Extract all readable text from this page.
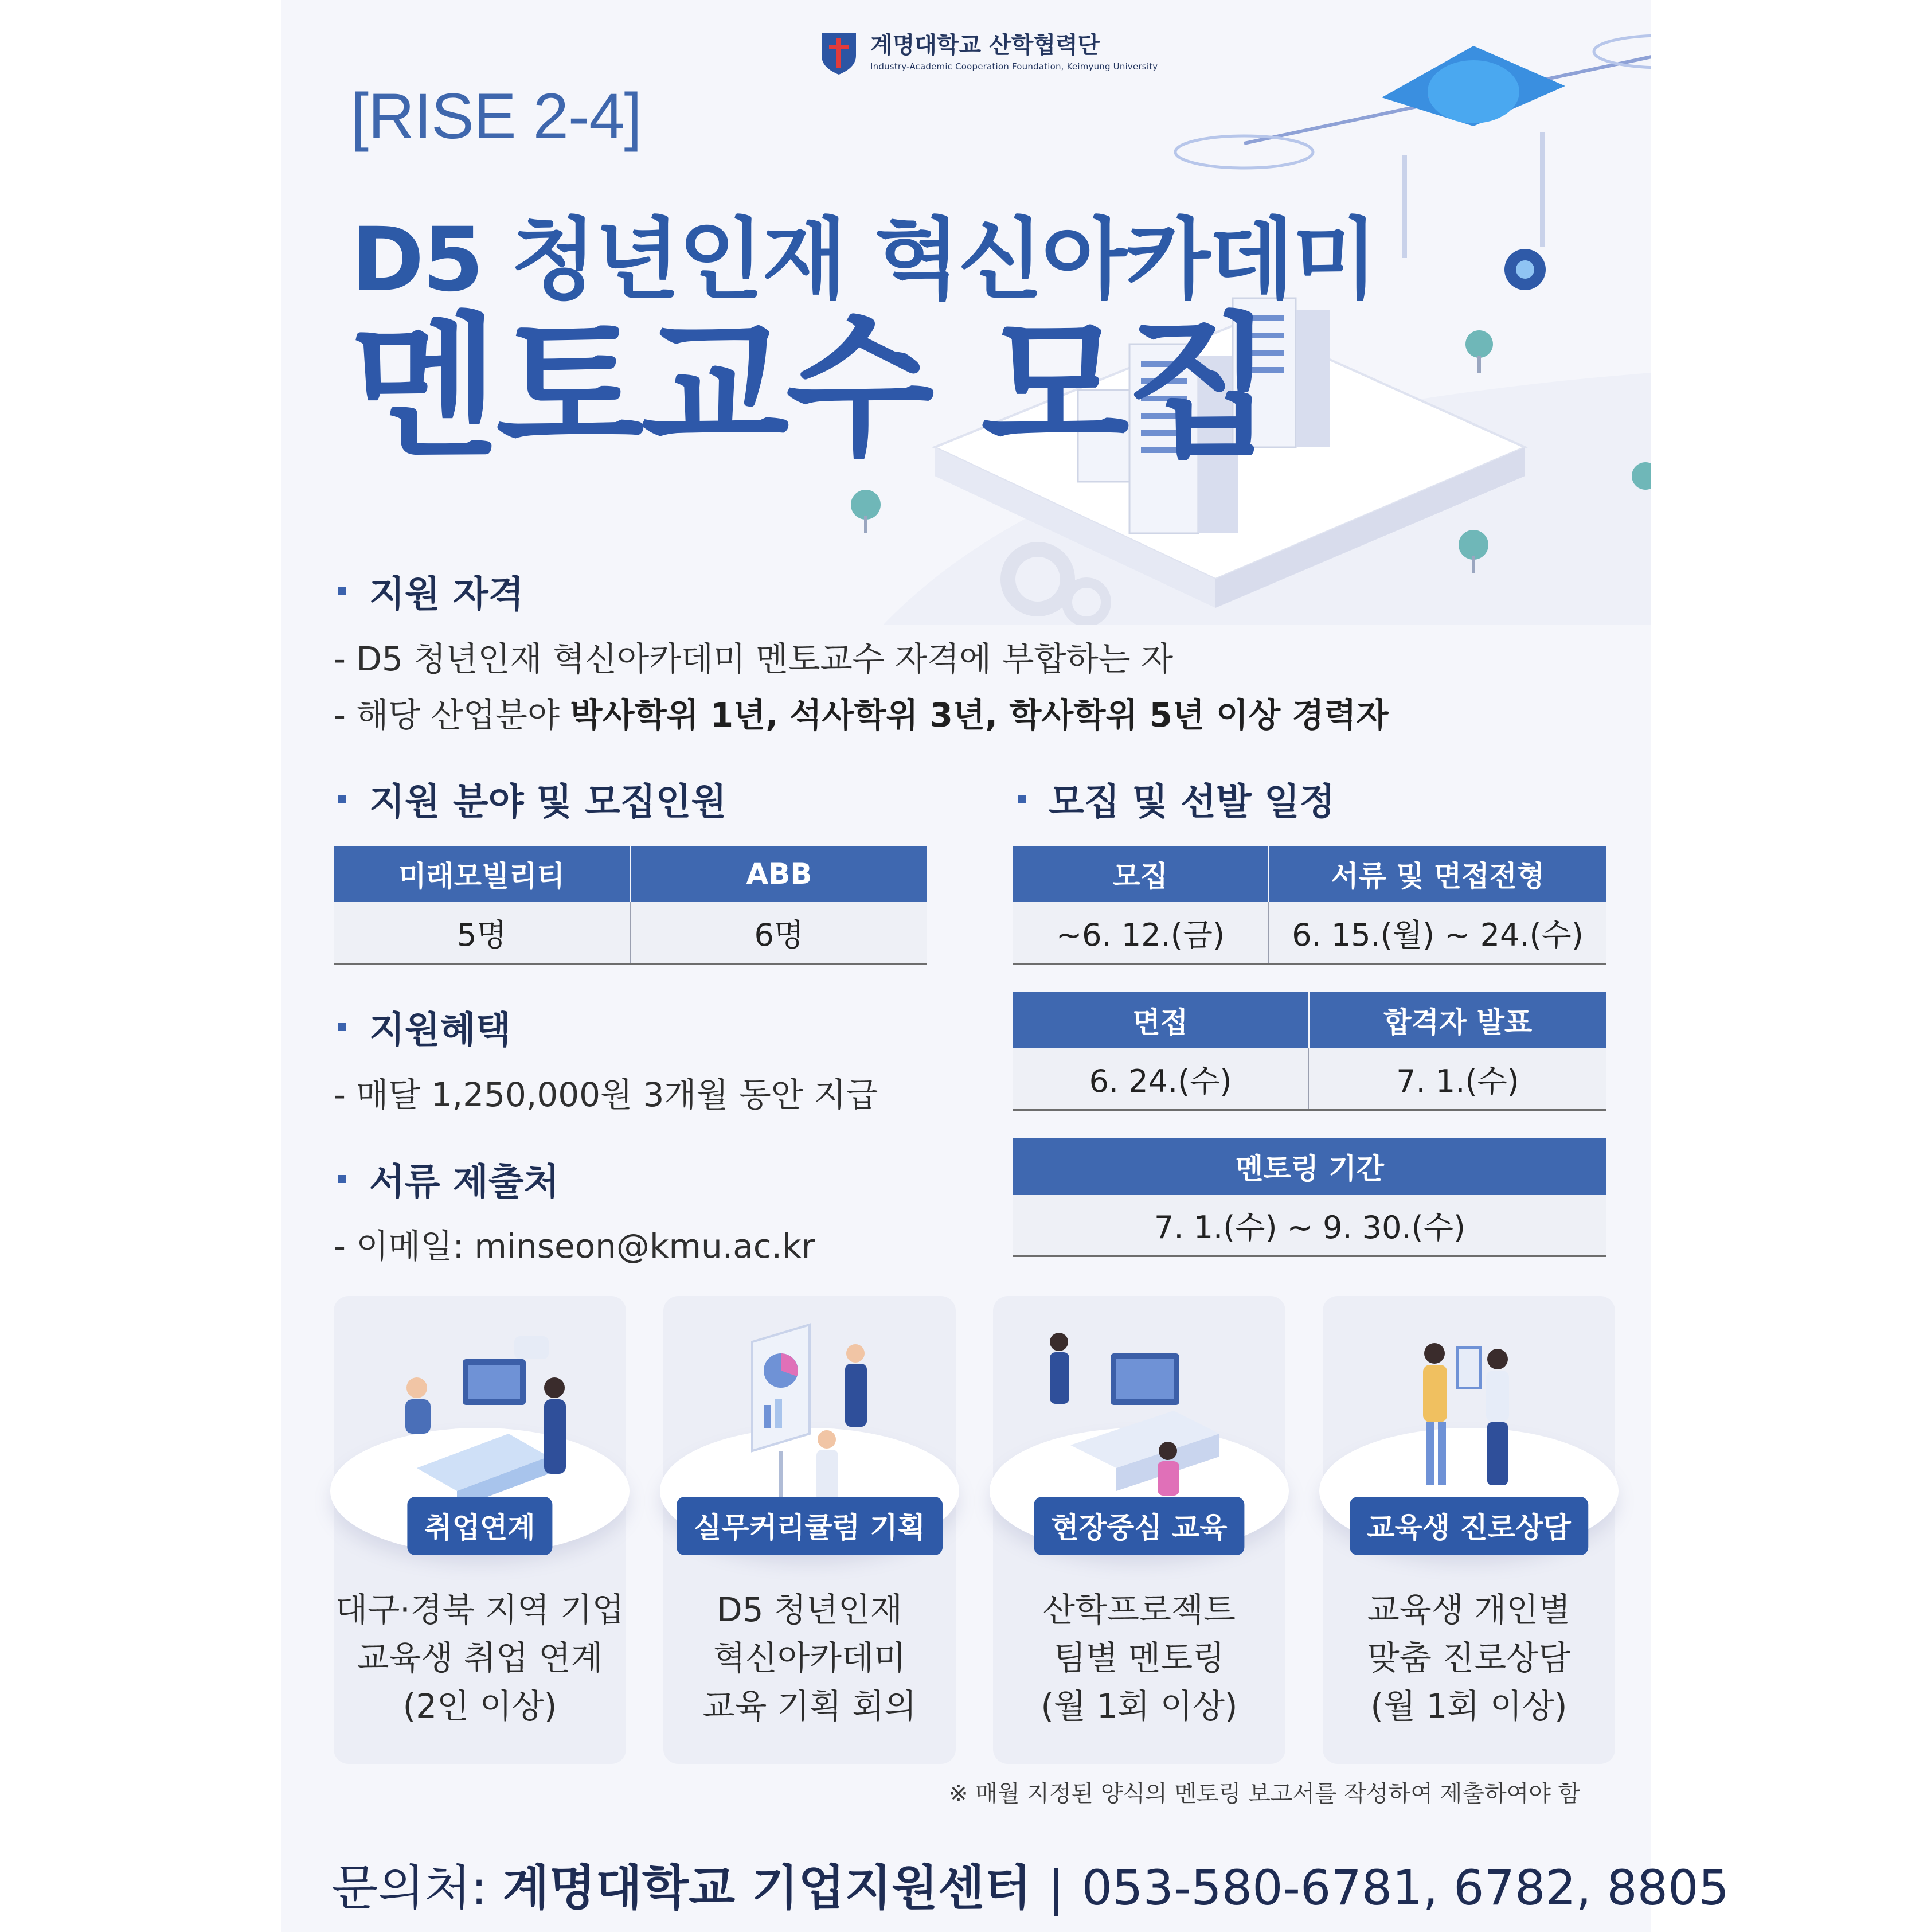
계명대학교 산학협력단
Industry-Academic Cooperation Foundation, Keimyung University
[RISE 2-4]
D5 청년인재 혁신아카데미
멘토교수 모집
지원 자격
- D5 청년인재 혁신아카데미 멘토교수 자격에 부합하는 자
- 해당 산업분야 박사학위 1년, 석사학위 3년, 학사학위 5년 이상 경력자
지원 분야 및 모집인원
미래모빌리티	ABB
5명	6명
모집 및 선발 일정
모집	서류 및 면접전형
~6. 12.(금)	6. 15.(월) ~ 24.(수)
면접	합격자 발표
6. 24.(수)	7. 1.(수)
멘토링 기간
7. 1.(수) ~ 9. 30.(수)
지원혜택
- 매달 1,250,000원 3개월 동안 지급
서류 제출처
- 이메일: minseon@kmu.ac.kr
취업연계
대구·경북 지역 기업
교육생 취업 연계
(2인 이상)
실무커리큘럼 기획
D5 청년인재
혁신아카데미
교육 기획 회의
현장중심 교육
산학프로젝트
팀별 멘토링
(월 1회 이상)
교육생 진로상담
교육생 개인별
맞춤 진로상담
(월 1회 이상)
※ 매월 지정된 양식의 멘토링 보고서를 작성하여 제출하여야 함
문의처: 계명대학교 기업지원센터 | 053-580-6781, 6782, 8805
